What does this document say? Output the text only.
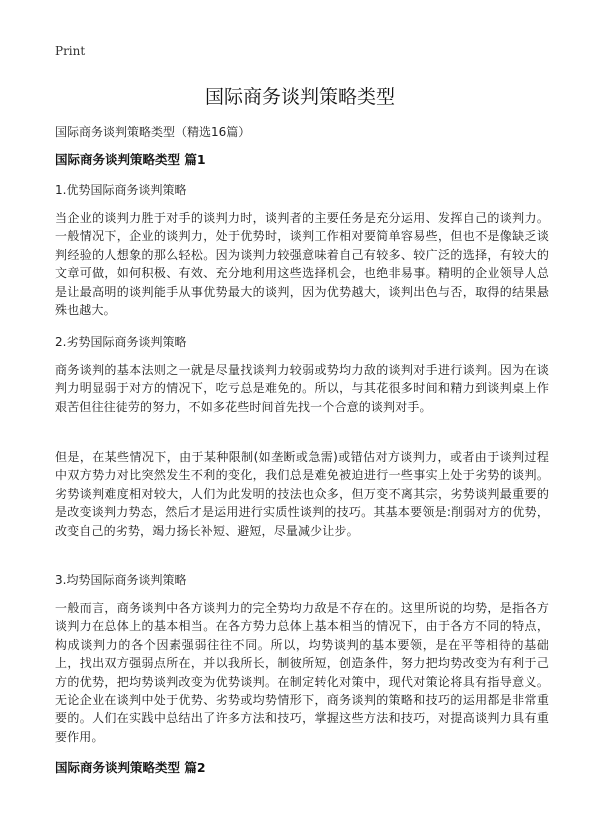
Print
国际商务谈判策略类型
国际商务谈判策略类型（精选16篇）
国际商务谈判策略类型 篇1
1.优势国际商务谈判策略

当企业的谈判力胜于对手的谈判力时，谈判者的主要任务是充分运用、发挥自己的谈判力。一般情况下，企业的谈判力，处于优势时，谈判工作相对要简单容易些，但也不是像缺乏谈判经验的人想象的那么轻松。因为谈判力较强意味着自己有较多、较广泛的选择，有较大的文章可做，如何积极、有效、充分地利用这些选择机会，也绝非易事。精明的企业领导人总是让最高明的谈判能手从事优势最大的谈判，因为优势越大，谈判出色与否，取得的结果悬殊也越大。

2.劣势国际商务谈判策略

商务谈判的基本法则之一就是尽量找谈判力较弱或势均力敌的谈判对手进行谈判。因为在谈判力明显弱于对方的情况下，吃亏总是难免的。所以，与其花很多时间和精力到谈判桌上作艰苦但往往徒劳的努力，不如多花些时间首先找一个合意的谈判对手。

但是，在某些情况下，由于某种限制(如垄断或急需)或错估对方谈判力，或者由于谈判过程中双方势力对比突然发生不利的变化，我们总是难免被迫进行一些事实上处于劣势的谈判。劣势谈判难度相对较大，人们为此发明的技法也众多，但万变不离其宗，劣势谈判最重要的是改变谈判力势态，然后才是运用进行实质性谈判的技巧。其基本要领是:削弱对方的优势，改变自己的劣势，竭力扬长补短、避短，尽量减少让步。

3.均势国际商务谈判策略

一般而言，商务谈判中各方谈判力的完全势均力敌是不存在的。这里所说的均势，是指各方谈判力在总体上的基本相当。在各方势力总体上基本相当的情况下，由于各方不同的特点，构成谈判力的各个因素强弱往往不同。所以，均势谈判的基本要领，是在平等相待的基础上，找出双方强弱点所在，并以我所长，制彼所短，创造条件，努力把均势改变为有利于己方的优势，把均势谈判改变为优势谈判。在制定转化对策中，现代对策论将具有指导意义。无论企业在谈判中处于优势、劣势或均势情形下，商务谈判的策略和技巧的运用都是非常重要的。人们在实践中总结出了许多方法和技巧，掌握这些方法和技巧，对提高谈判力具有重要作用。

国际商务谈判策略类型 篇2
